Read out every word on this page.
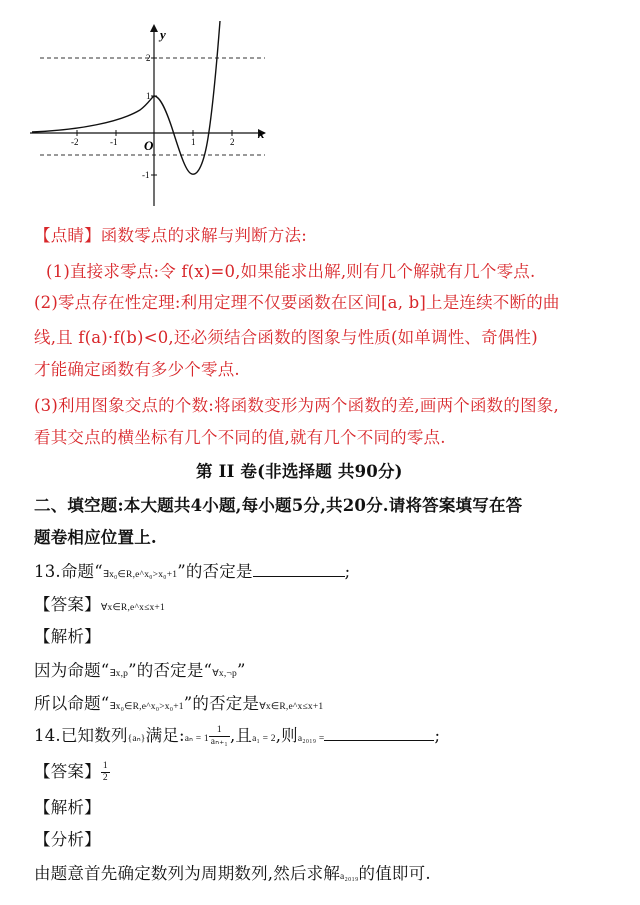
-2	-1	1	2
2
1
-1
y
x
O
【点睛】函数零点的求解与判断方法:
(1)直接求零点:令 f(x)=0,如果能求出解,则有几个解就有几个零点.
(2)零点存在性定理:利用定理不仅要函数在区间[a, b]上是连续不断的曲
线,且 f(a)·f(b)<0,还必须结合函数的图象与性质(如单调性、奇偶性)
才能确定函数有多少个零点.
(3)利用图象交点的个数:将函数变形为两个函数的差,画两个函数的图象,
看其交点的横坐标有几个不同的值,就有几个不同的零点.
第 II 卷(非选择题 共90分)
二、填空题:本大题共4小题,每小题5分,共20分.请将答案填写在答
题卷相应位置上.
13.命题“∃x₀∈R,e^x₀>x₀+1”的否定是	;
【答案】∀x∈R,e^x≤x+1
【解析】
因为命题“∃x,p”的否定是“∀x,¬p”
所以命题“∃x₀∈R,e^x₀>x₀+1”的否定是∀x∈R,e^x≤x+1
14.已知数列{aₙ}满足:aₙ = $1 \frac{1}{\text{aₙ₊₁}}$ ,且a₁ = 2,则a₂₀₁₉ =	;
【答案】 $\frac{1}{2}$
【解析】
【分析】
由题意首先确定数列为周期数列,然后求解a₂₀₁₉的值即可.
